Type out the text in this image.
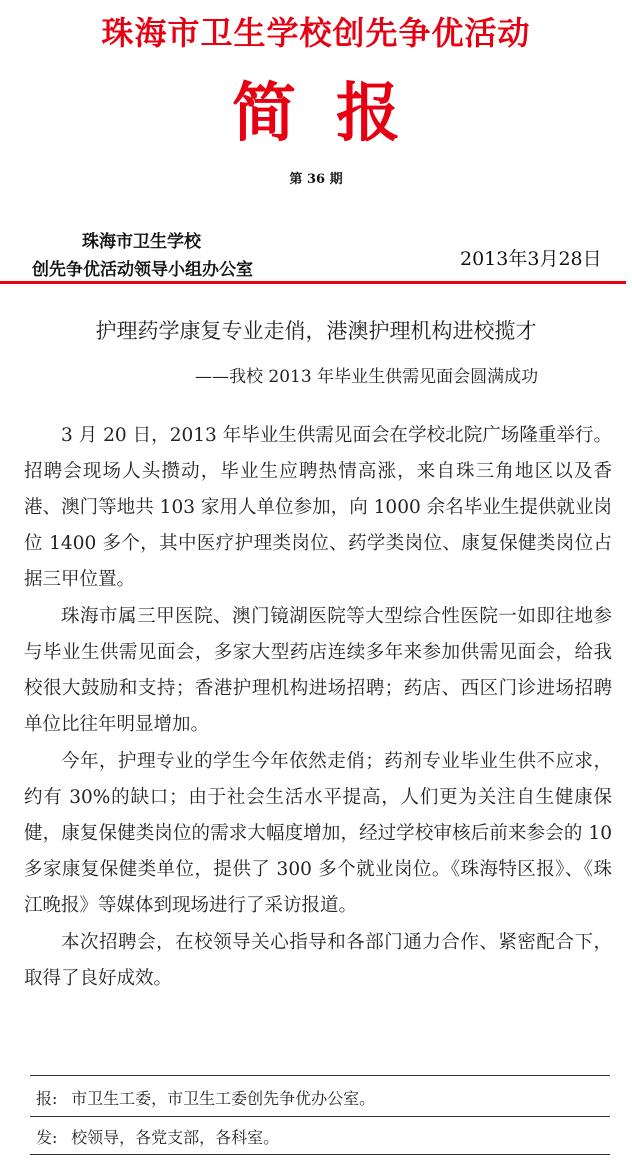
珠海市卫生学校创先争优活动
简报
第 36 期
珠海市卫生学校
创先争优活动领导小组办公室	2013年3月28日
护理药学康复专业走俏，港澳护理机构进校揽才
——我校 2013 年毕业生供需见面会圆满成功

3 月 20 日，2013 年毕业生供需见面会在学校北院广场隆重举行。招聘会现场人头攒动，毕业生应聘热情高涨，来自珠三角地区以及香港、澳门等地共 103 家用人单位参加，向 1000 余名毕业生提供就业岗位 1400 多个，其中医疗护理类岗位、药学类岗位、康复保健类岗位占据三甲位置。

珠海市属三甲医院、澳门镜湖医院等大型综合性医院一如即往地参与毕业生供需见面会，多家大型药店连续多年来参加供需见面会，给我校很大鼓励和支持；香港护理机构进场招聘；药店、西区门诊进场招聘单位比往年明显增加。

今年，护理专业的学生今年依然走俏；药剂专业毕业生供不应求，约有 30%的缺口；由于社会生活水平提高，人们更为关注自生健康保健，康复保健类岗位的需求大幅度增加，经过学校审核后前来参会的 10 多家康复保健类单位，提供了 300 多个就业岗位。《珠海特区报》、《珠江晚报》等媒体到现场进行了采访报道。

本次招聘会，在校领导关心指导和各部门通力合作、紧密配合下，取得了良好成效。

报: 市卫生工委，市卫生工委创先争优办公室。
发: 校领导，各党支部，各科室。
